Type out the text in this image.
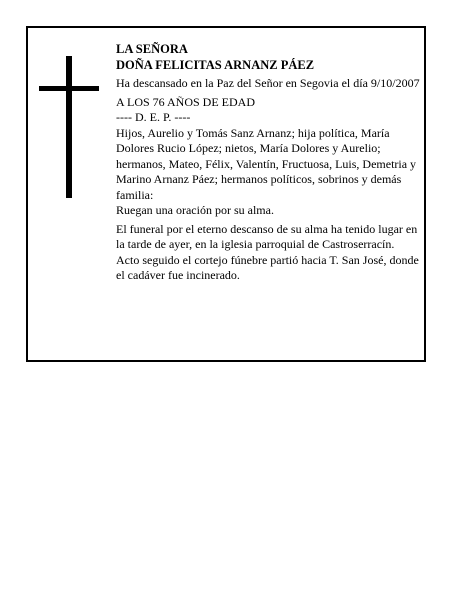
LA SEÑORA

DOÑA FELICITAS ARNANZ PÁEZ

Ha descansado en la Paz del Señor en Segovia el día 9/10/2007

A LOS 76 AÑOS DE EDAD

---- D. E. P. ----

Hijos, Aurelio y Tomás Sanz Arnanz; hija política, María Dolores Rucio López; nietos, María Dolores y Aurelio; hermanos, Mateo, Félix, Valentín, Fructuosa, Luis, Demetria y Marino Arnanz Páez; hermanos políticos, sobrinos y demás familia:

Ruegan una oración por su alma.

El funeral por el eterno descanso de su alma ha tenido lugar en la tarde de ayer, en la iglesia parroquial de Castroserracín. Acto seguido el cortejo fúnebre partió hacia T. San José, donde el cadáver fue incinerado.
